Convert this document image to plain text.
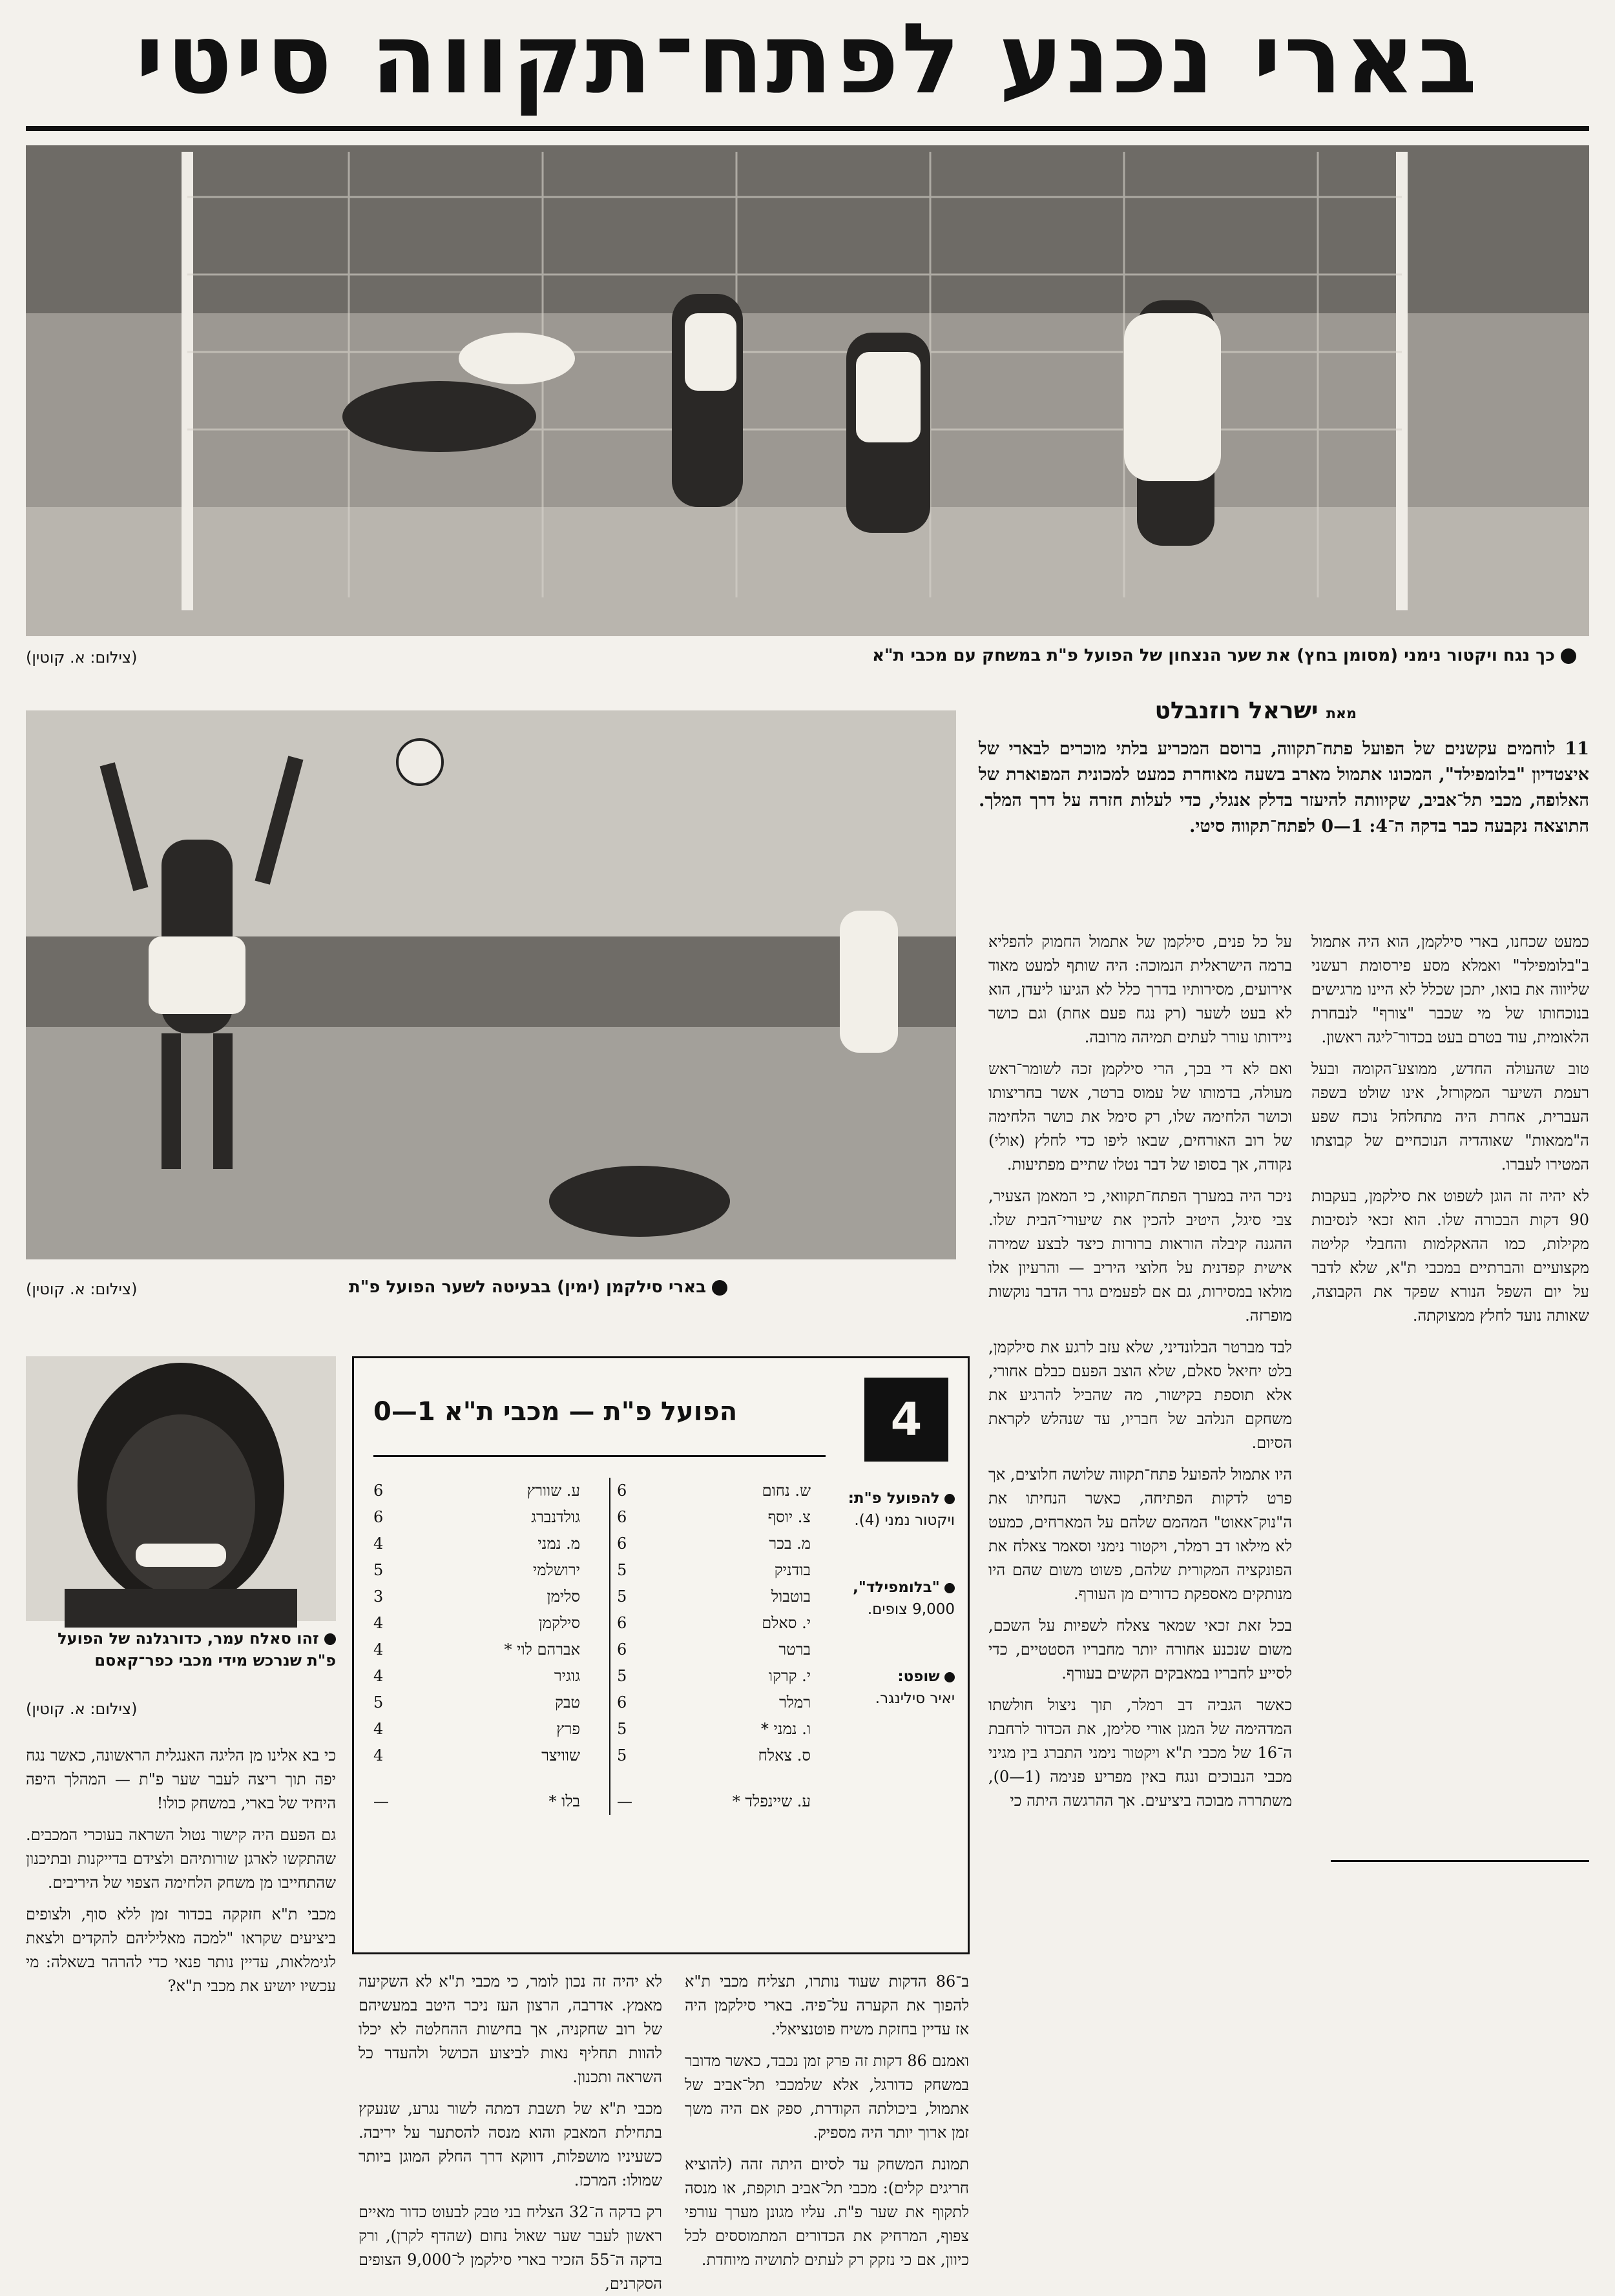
בארי נכנע לפתח־תקווה סיטי
כך נגח ויקטור נימני (מסומן בחץ) את שער הנצחון של הפועל פ"ת במשחק עם מכבי ת"א
(צילום: א. קוטין)
מאת ישראל רוזנבלט
11 לוחמים עקשנים של הפועל פתח־תקווה, ברוסם המכריע בלתי מוכרים לבארי של איצטדיון "בלומפילד", המכונו אתמול מארב בשעה מאוחרת כמעט למכונית המפוארת של האלופה, מכבי תל־אביב, שקיוותה להיעזר בדלק אנגלי, כדי לעלות חזרה על דרך המלך. התוצאה נקבעה כבר בדקה ה־4: 1—0 לפתח־תקווה סיטי.
בארי סילקמן (ימין) בבעיטה לשער הפועל פ"ת
(צילום: א. קוטין)

כמעט שכחנו, בארי סילקמן, הוא היה אתמול ב"בלומפילד" ואמלא מסע פירסומת רעשני שליווה את בואו, יתכן שכלל לא היינו מרגישים בנוכחותו של מי שכבר "צורף" לנבחרת הלאומית, עוד בטרם בעט בכדור־ליגה ראשון.

טוב שהעולה החדש, ממוצע־הקומה ובעל רעמת השיער המקורזל, אינו שולט בשפה העברית, אחרת היה מתחלחל נוכח שפע ה"ממאות" שאוהדיה הנוכחיים של קבוצתו המטירו לעברו.

לא יהיה זה הוגן לשפוט את סילקמן, בעקבות 90 דקות הבכורה שלו. הוא זכאי לנסיבות מקילות, כמו ההאקלמות והחבלי קליטה מקצועיים והברתיים במכבי ת"א, שלא לדבר על יום השפל הנורא שפקד את הקבוצה, שאותה נועד לחלץ ממצוקתה.

על כל פנים, סילקמן של אתמול החמוק להפליא ברמה הישראלית הנמוכה: היה שותף למעט מאוד אירועים, מסירותיו בדרך כלל לא הגיעו ליעדן, הוא לא בעט לשער (רק נגח פעם אחת) וגם כושר ניידותו עורר לעתים תמיהה מרובה.

ואם לא די בכך, הרי סילקמן זכה לשומר־ראש מעולה, בדמותו של עמוס ברטר, אשר בחריצותו וכושר הלחימה שלו, רק סימל את כושר הלחימה של רוב האורחים, שבאו ליפו כדי לחלץ (אולי) נקודה, אך בסופו של דבר נטלו שתיים מפתיעות.

ניכר היה במערך הפתח־תקוואי, כי המאמן הצעיר, צבי סיגל, היטיב להכין את שיעורי־הבית שלו. ההגנה קיבלה הוראות ברורות כיצד לבצע שמירה אישית קפדנית על חלוצי היריב — והרעיון אלו מולאו במסירות, גם אם לפעמים גרר הדבר נוקשות מופרזה.

לבד מברטר הבלונדיני, שלא עזב לרגע את סילקמן, בלט יחיאל סאלם, שלא הוצב הפעם כבלם אחורי, אלא תוספת בקישור, מה שהביל להרגיע את משחקם הנלהב של חבריו, עד שנהלש לקראת הסיום.

היו אתמול להפועל פתח־תקווה שלושה חלוצים, אך פרט לדקות הפתיחה, כאשר הנחיתו את ה"נוק־אאוט" המהמם שלהם על המארחים, כמעט לא מילאו דב רמלר, ויקטור נימני וסאמר צאלח את הפונקציה המקורית שלהם, פשוט משום שהם היו מנותקים מאספקת כדורים מן העורף.

בכל זאת זכאי שמאר צאלח לשפיות על השכם, משום שנכנע אחורה יותר מחבריו הסטטיים, כדי לסייע לחבריו במאבקים הקשים בעורף.

כאשר הגביה דב רמלר, תוך ניצול חולשתו המדהימה של המגן אורי סלימן, את הכדור לרחבת ה־16 של מכבי ת"א ויקטור נימני התברג בין מגיני מכבי הנבוכים ונגח באין מפריע פנימה (1—0), משתררה מבוכה ביציעים. אך ההרגשה היתה כי

4
הפועל פ"ת — מכבי ת"א 1—0
להפועל פ"ת:
ויקטור נמני (4).
"בלומפילד",
9,000 צופים.
שופט:
יאיר סילינגר.
ש. נחום
6
צ. יוסף
6
מ. בכר
6
בודניק
5
בוטבול
5
י. סאלם
6
ברטר
6
י. קרקו
5
רמלר
6
ו. נמני *
5
ס. צאלח
5
ע. שיינפלד *
—
ע. שוורץ
6
גולדנברג
6
מ. נמני
4
ירושלמי
5
סלימן
3
סילקמן
4
אברהם לוי *
4
גוגיר
4
טבק
5
פרץ
4
שוויצר
4
בלו *
—
זהו סאלח עמר, כדורגלנה של הפועל פ"ת שנרכש מידי מכבי כפר־קאסם
(צילום: א. קוטין)

ב־86 הדקות שעוד נותרו, תצליח מכבי ת"א להפוך את הקערה על־פיה. בארי סילקמן היה אז עדיין בחזקת משיח פוטנציאלי.

ואמנם 86 דקות זה פרק זמן נכבד, כאשר מדובר במשחק כדורגל, אלא שלמכבי תל־אביב של אתמול, ביכולתה הקודרת, ספק אם היה משך זמן ארוך יותר היה מספיק.

תמונת המשחק עד לסיום היתה זהה (להוציא חריגים קלים): מכבי תל־אביב תוקפת, או מנסה לתקוף את שער פ"ת. עליו מגונן מערך עורפי צפוף, המרחיק את הכדורים המתמוססים לכל כיוון, אם כי נזקק רק לעתים לתושיה מיוחדת.

לא יהיה זה נכון לומר, כי מכבי ת"א לא השקיעה מאמץ. אדרבה, הרצון העז ניכר היטב במעשיהם של רוב שחקניה, אך בחישות ההחלטה לא יכלו להוות תחליף נאות לביצוע הכושל ולהעדר כל השראה ותכנון.

מכבי ת"א של תשבת דמתה לשור נגרע, שנעקץ בתחילת המאבק והוא מנסה להסתער על יריבה. כשעיניו מושפלות, דווקא דרך החלק המוגן ביותר שמולו: המרכז.

רק בדקה ה־32 הצליח בני טבק לבעוט כדור מאיים ראשון לעבר שער שאול נחום (שהדף לקרן), ורק בדקה ה־55 הזכיר בארי סילקמן ל־9,000 הצופים הסקרנים,

כי בא אלינו מן הליגה האנגלית הראשונה, כאשר נגח יפה תוך ריצה לעבר שער פ"ת — המהלך היפה היחיד של בארי, במשחק כולו!

גם הפעם היה קישור נטול השראה בעוכרי המכבים. שהתקשו לארגן שורותיהם ולצידם בדייקנות ובתיכנון שהתחייבו מן משחק הלחימה הצפוי של היריבים.

מכבי ת"א חזקקה בכדור זמן ללא סוף, ולצופים ביציעים שקראו "למכה מאליליהם להקדים ולצאת לגימלאות, עדיין נותר פנאי כדי להרהר בשאלה: מי עכשיו יושיע את מכבי ת"א?
